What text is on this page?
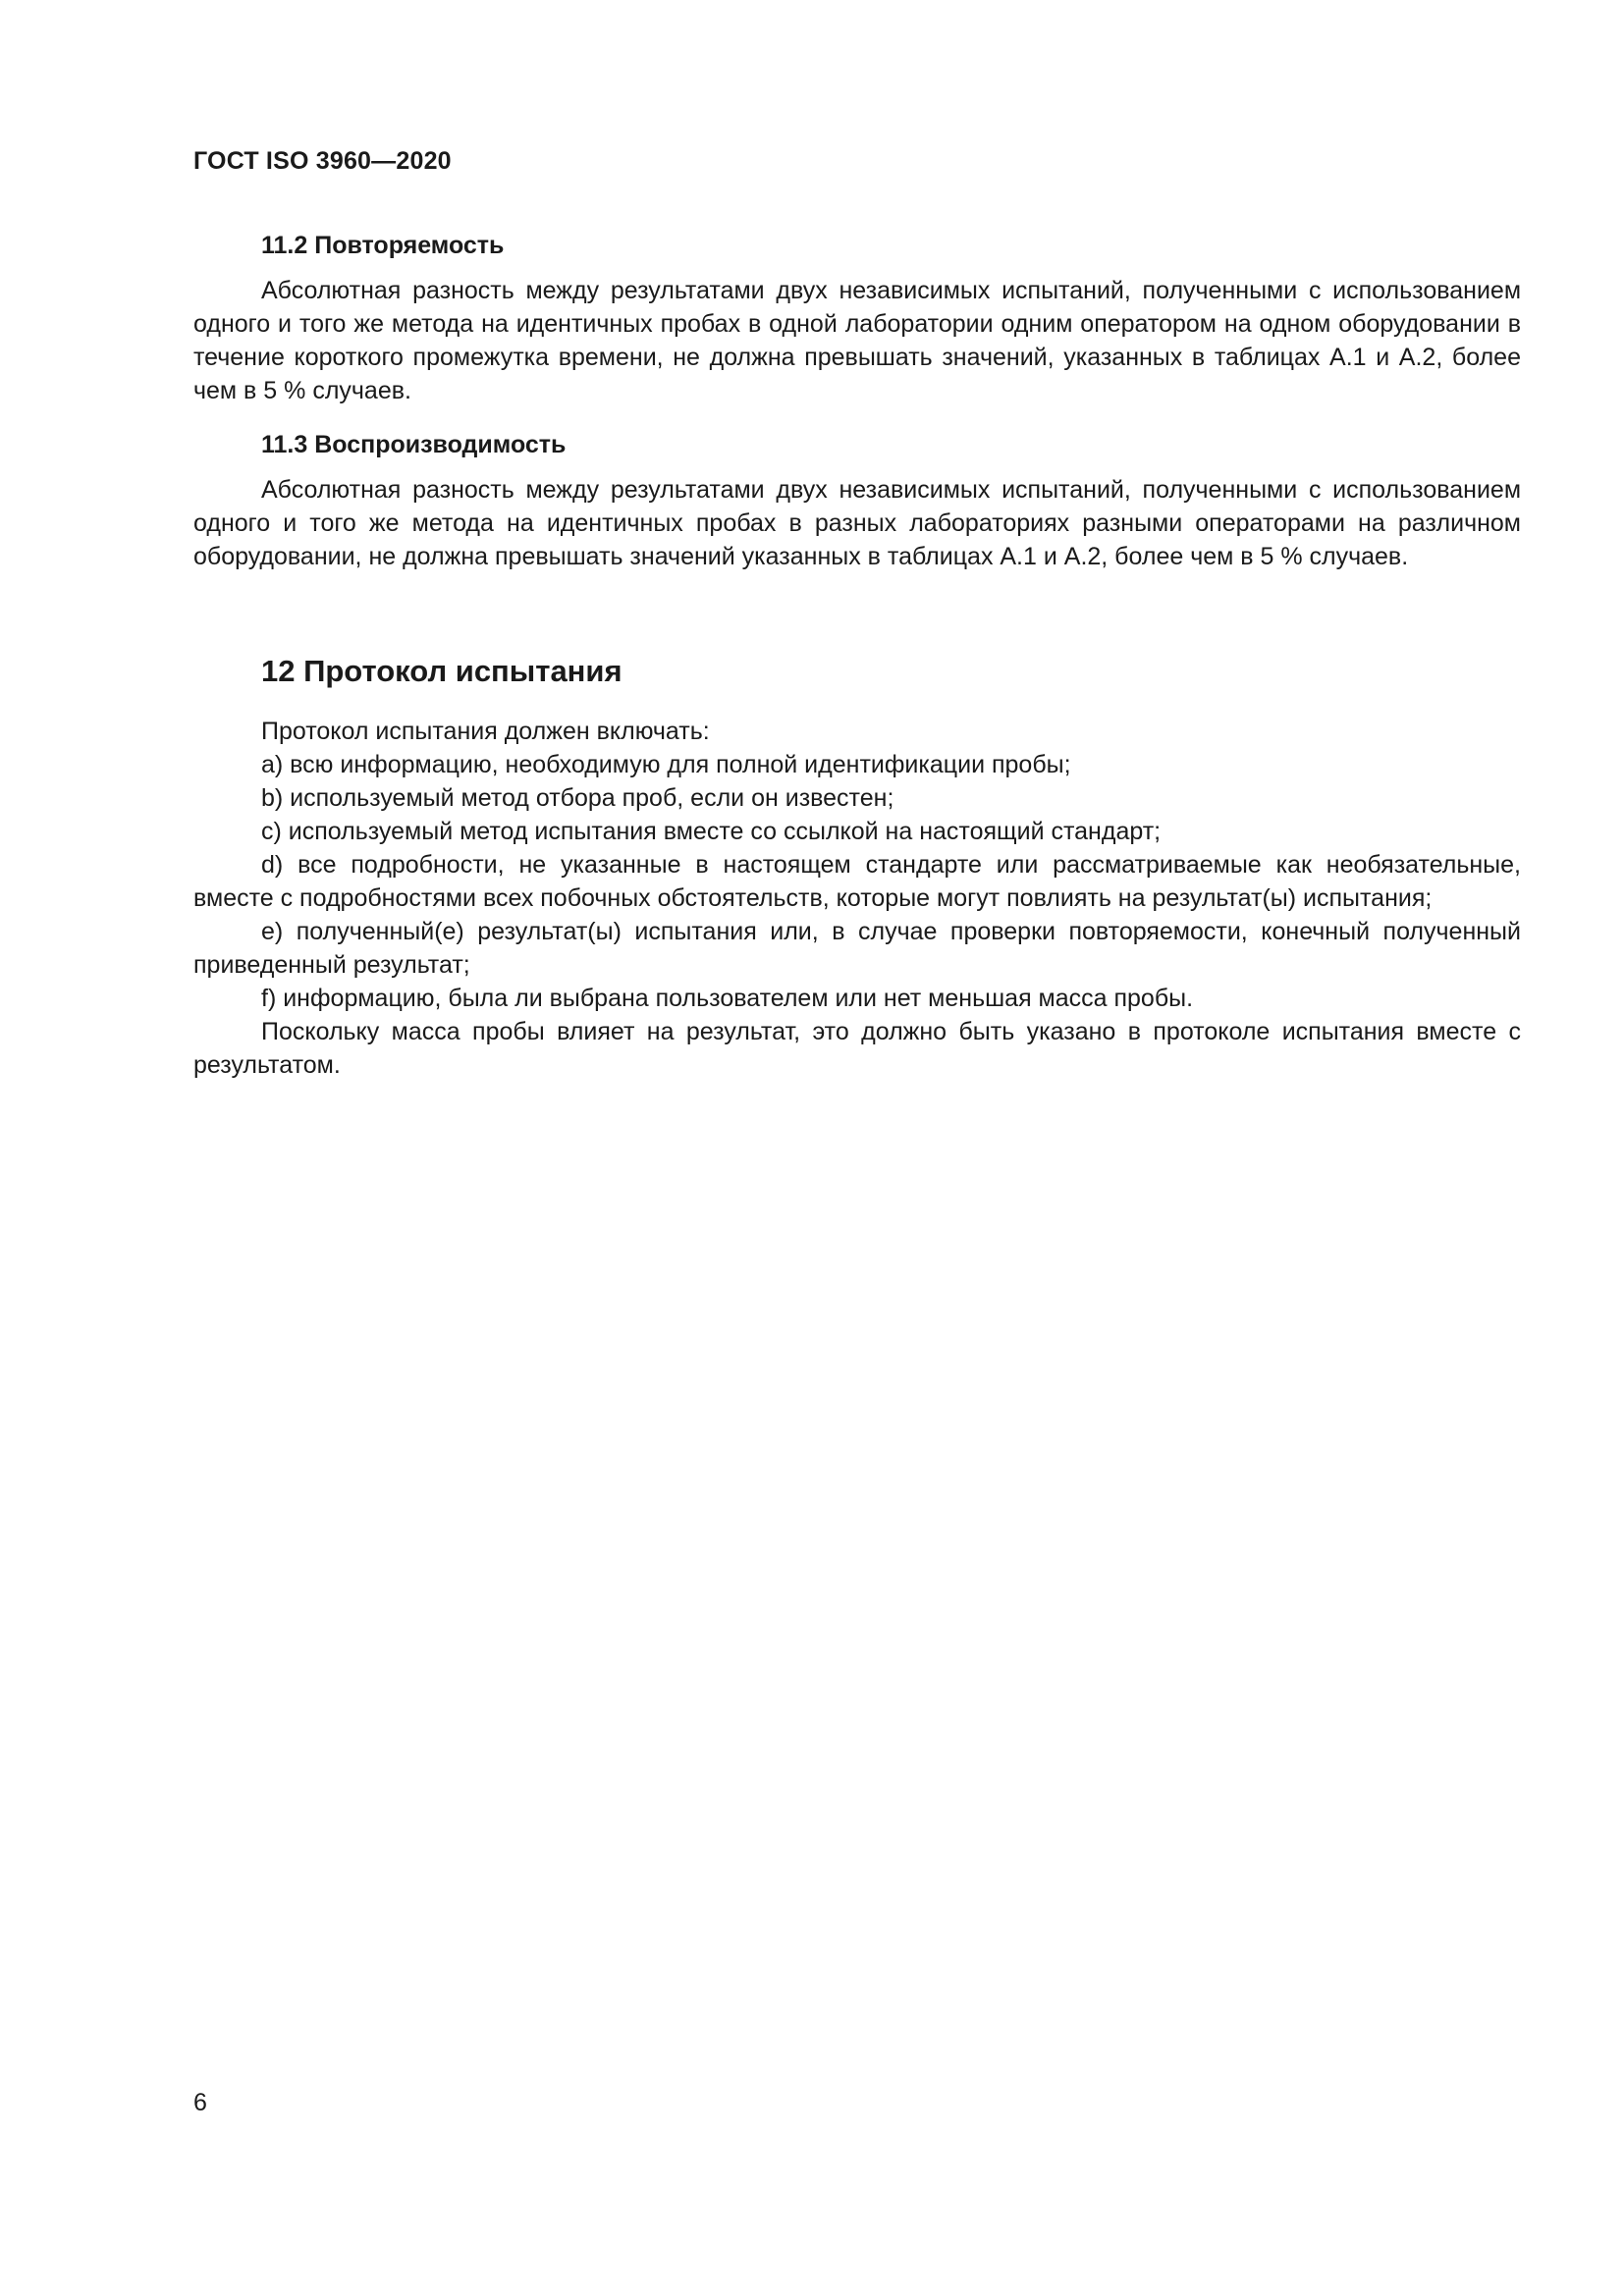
ГОСТ ISO 3960—2020
11.2 Повторяемость
Абсолютная разность между результатами двух независимых испытаний, полученными с использованием одного и того же метода на идентичных пробах в одной лаборатории одним оператором на одном оборудовании в течение короткого промежутка времени, не должна превышать значений, указанных в таблицах А.1 и А.2, более чем в 5 % случаев.
11.3 Воспроизводимость
Абсолютная разность между результатами двух независимых испытаний, полученными с использованием одного и того же метода на идентичных пробах в разных лабораториях разными операторами на различном оборудовании, не должна превышать значений указанных в таблицах А.1 и А.2, более чем в 5 % случаев.
12 Протокол испытания
Протокол испытания должен включать:
a) всю информацию, необходимую для полной идентификации пробы;
b) используемый метод отбора проб, если он известен;
c) используемый метод испытания вместе со ссылкой на настоящий стандарт;
d) все подробности, не указанные в настоящем стандарте или рассматриваемые как необязательные, вместе с подробностями всех побочных обстоятельств, которые могут повлиять на результат(ы) испытания;
e) полученный(е) результат(ы) испытания или, в случае проверки повторяемости, конечный полученный приведенный результат;
f) информацию, была ли выбрана пользователем или нет меньшая масса пробы.
Поскольку масса пробы влияет на результат, это должно быть указано в протоколе испытания вместе с результатом.
6
